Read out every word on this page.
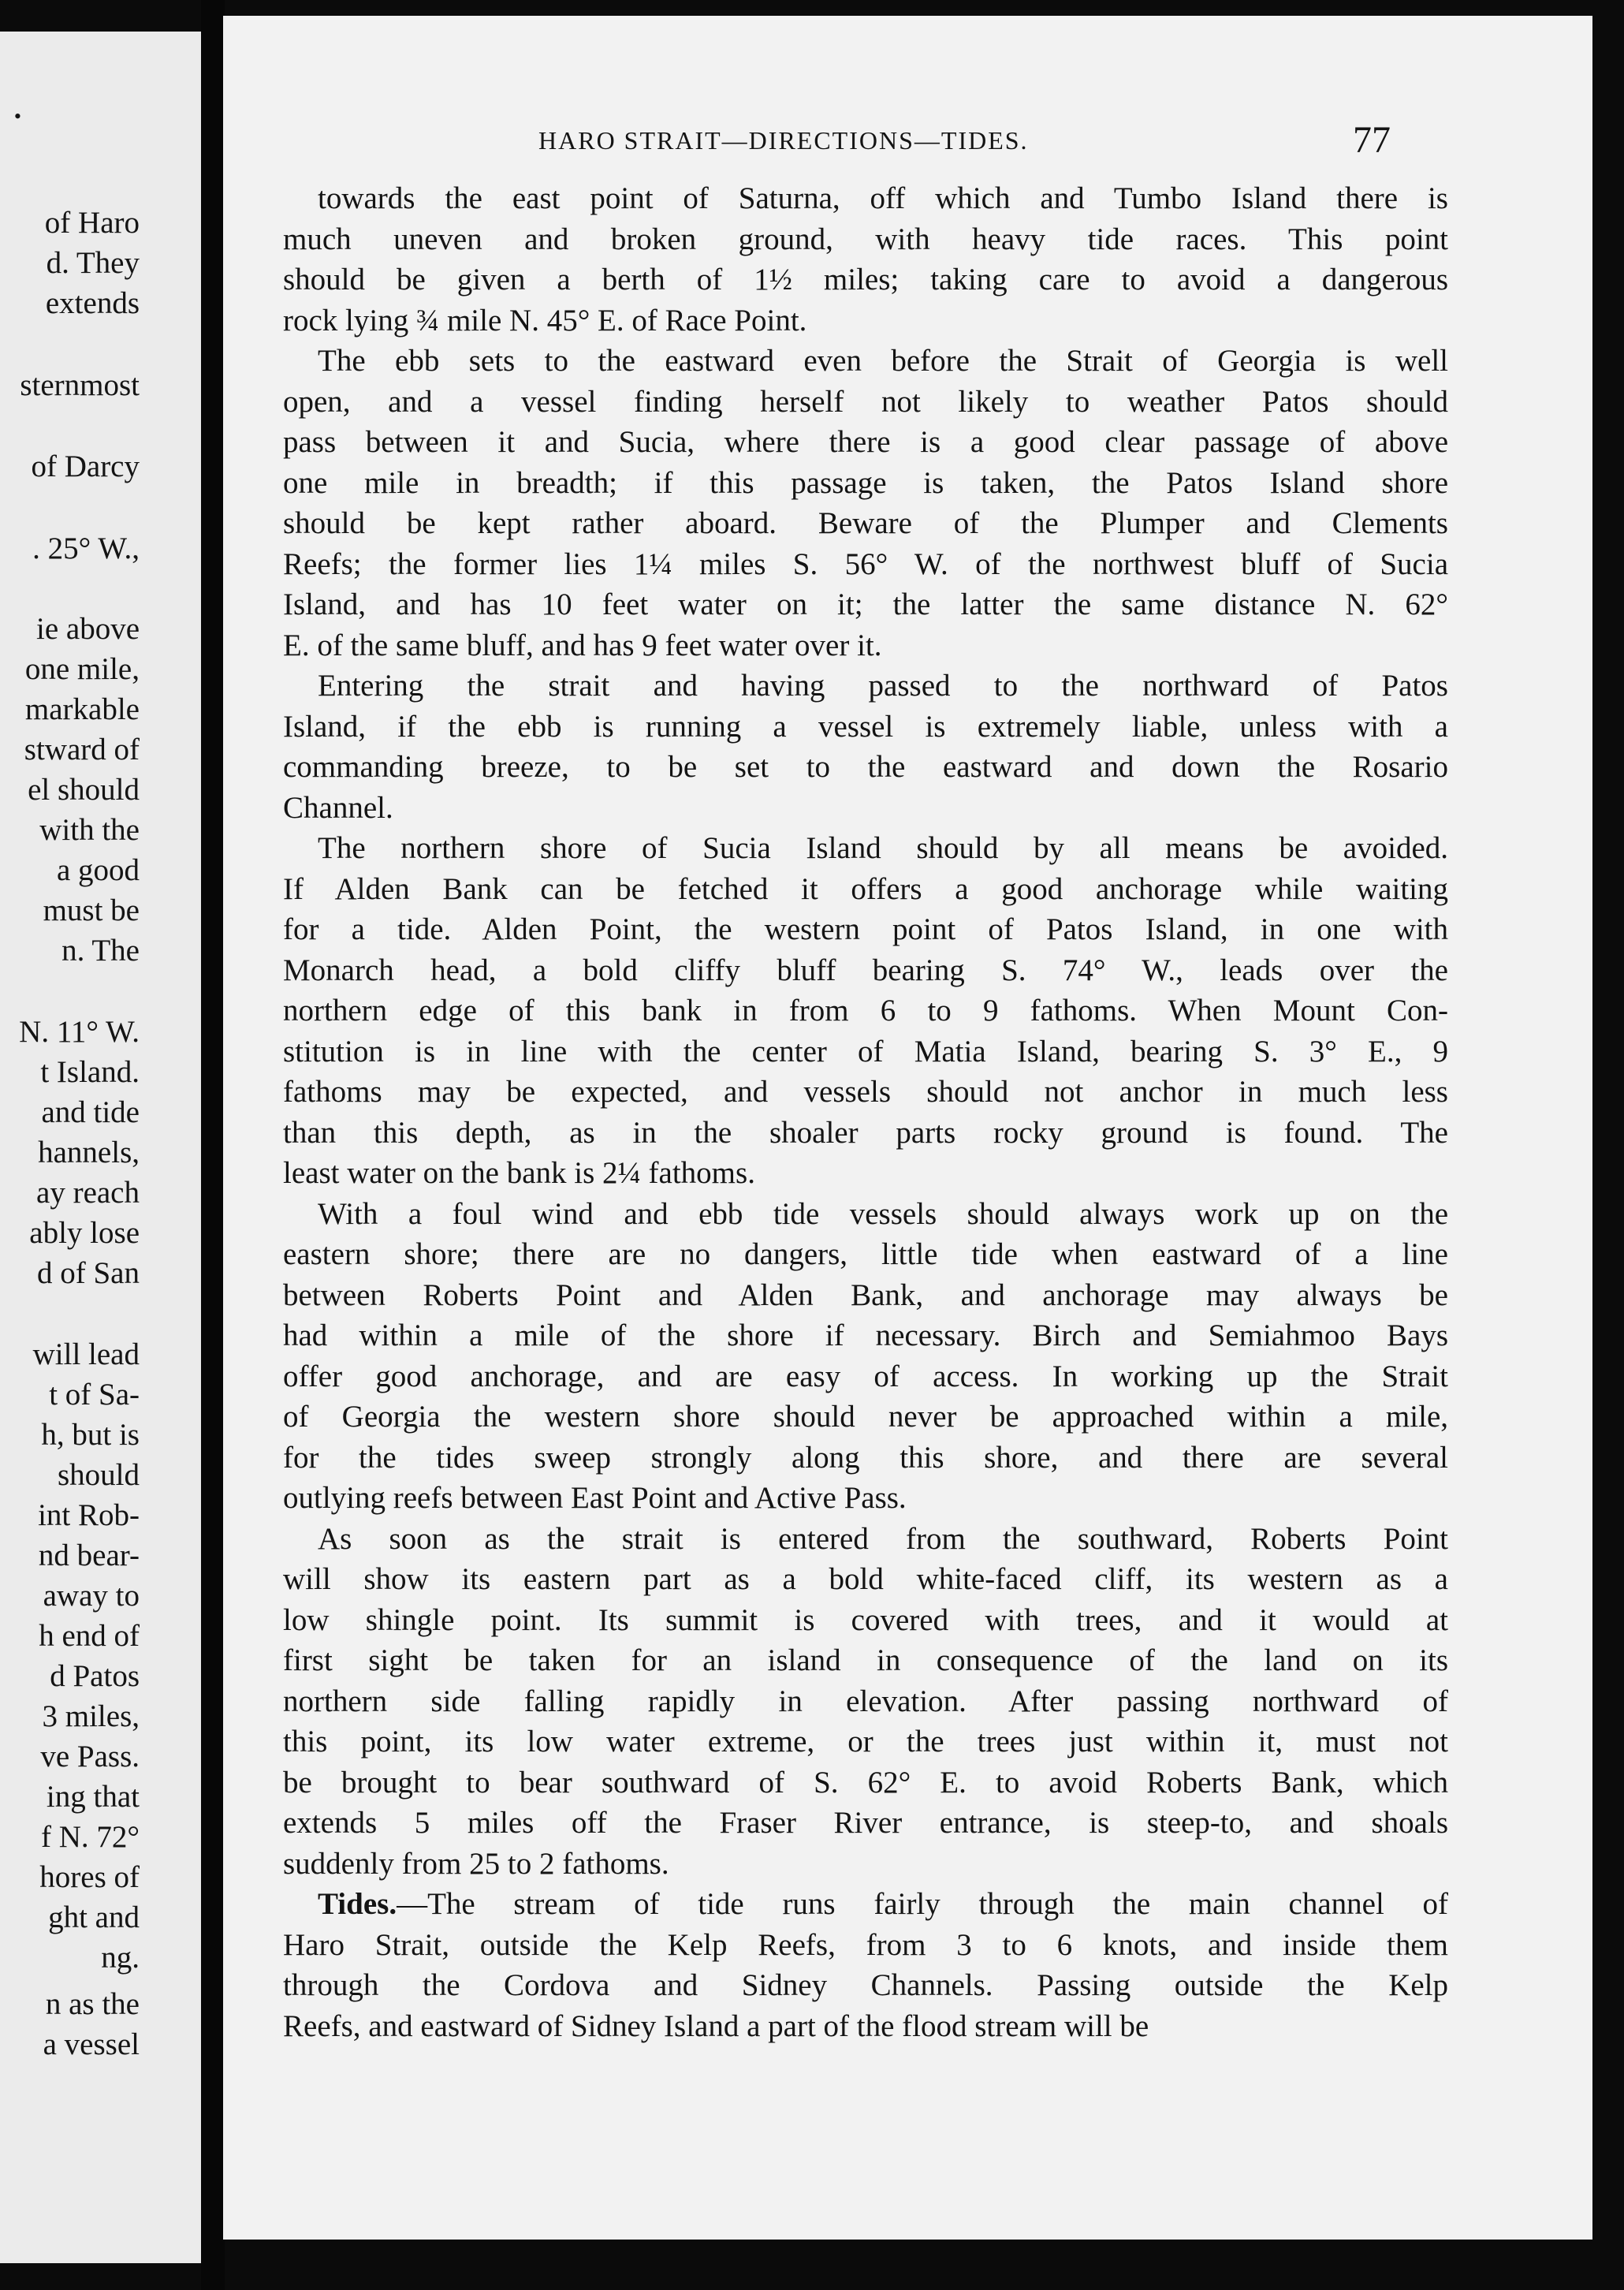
•
of Haro
d. They
extends
sternmost
of Darcy
. 25° W.,
ie above
one mile,
markable
stward of
el should
with the
a good
must be
n. The
N. 11° W.
t Island.
and tide
hannels,
ay reach
ably lose
d of San
will lead
t of Sa-
h, but is
should
int Rob-
nd bear-
away to
h end of
d Patos
3 miles,
ve Pass.
ing that
f N. 72°
hores of
ght and
ng.
n as the
a vessel
HARO STRAIT—DIRECTIONS—TIDES.	77

towards the east point of Saturna, off which and Tumbo Island there is
much uneven and broken ground, with heavy tide races. This point
should be given a berth of 1½ miles; taking care to avoid a dangerous
rock lying ¾ mile N. 45° E. of Race Point.

The ebb sets to the eastward even before the Strait of Georgia is well
open, and a vessel finding herself not likely to weather Patos should
pass between it and Sucia, where there is a good clear passage of above
one mile in breadth; if this passage is taken, the Patos Island shore
should be kept rather aboard. Beware of the Plumper and Clements
Reefs; the former lies 1¼ miles S. 56° W. of the northwest bluff of Sucia
Island, and has 10 feet water on it; the latter the same distance N. 62°
E. of the same bluff, and has 9 feet water over it.

Entering the strait and having passed to the northward of Patos
Island, if the ebb is running a vessel is extremely liable, unless with a
commanding breeze, to be set to the eastward and down the Rosario
Channel.

The northern shore of Sucia Island should by all means be avoided.
If Alden Bank can be fetched it offers a good anchorage while waiting
for a tide. Alden Point, the western point of Patos Island, in one with
Monarch head, a bold cliffy bluff bearing S. 74° W., leads over the
northern edge of this bank in from 6 to 9 fathoms. When Mount Con-
stitution is in line with the center of Matia Island, bearing S. 3° E., 9
fathoms may be expected, and vessels should not anchor in much less
than this depth, as in the shoaler parts rocky ground is found. The
least water on the bank is 2¼ fathoms.

With a foul wind and ebb tide vessels should always work up on the
eastern shore; there are no dangers, little tide when eastward of a line
between Roberts Point and Alden Bank, and anchorage may always be
had within a mile of the shore if necessary. Birch and Semiahmoo Bays
offer good anchorage, and are easy of access. In working up the Strait
of Georgia the western shore should never be approached within a mile,
for the tides sweep strongly along this shore, and there are several
outlying reefs between East Point and Active Pass.

As soon as the strait is entered from the southward, Roberts Point
will show its eastern part as a bold white-faced cliff, its western as a
low shingle point. Its summit is covered with trees, and it would at
first sight be taken for an island in consequence of the land on its
northern side falling rapidly in elevation. After passing northward of
this point, its low water extreme, or the trees just within it, must not
be brought to bear southward of S. 62° E. to avoid Roberts Bank, which
extends 5 miles off the Fraser River entrance, is steep-to, and shoals
suddenly from 25 to 2 fathoms.

Tides.—The stream of tide runs fairly through the main channel of
Haro Strait, outside the Kelp Reefs, from 3 to 6 knots, and inside them
through the Cordova and Sidney Channels. Passing outside the Kelp
Reefs, and eastward of Sidney Island a part of the flood stream will be
